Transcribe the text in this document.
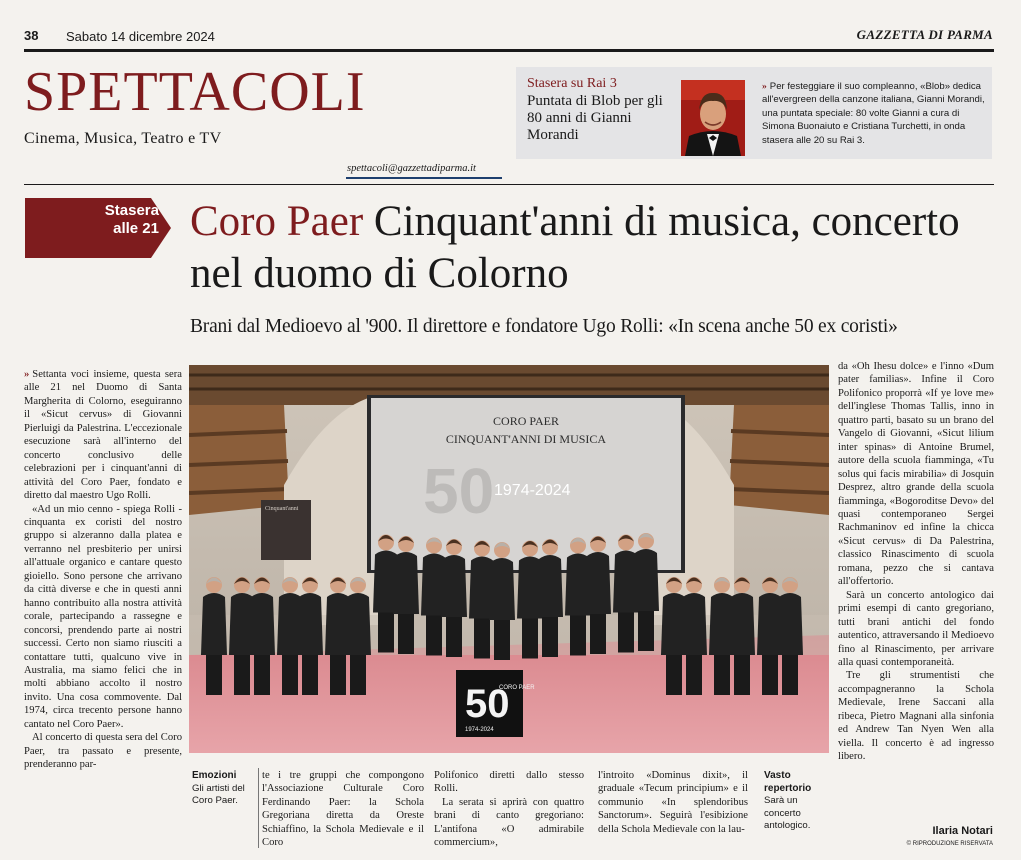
38 Sabato 14 dicembre 2024	GAZZETTA DI PARMA
SPETTACOLI
Cinema, Musica, Teatro e TV
spettacoli@gazzettadiparma.it
Stasera su Rai 3
Puntata di Blob per gli 80 anni di Gianni Morandi
» Per festeggiare il suo compleanno, «Blob» dedica all'evergreen della canzone italiana, Gianni Morandi, una puntata speciale: 80 volte Gianni a cura di Simona Buonaiuto e Cristiana Turchetti, in onda stasera alle 20 su Rai 3.
Stasera
alle 21 Coro Paer Cinquant'anni di musica, concerto nel duomo di Colorno
Brani dal Medioevo al '900. Il direttore e fondatore Ugo Rolli: «In scena anche 50 ex coristi»
CORO PAER
CINQUANT'ANNI DI MUSICA
50 1974-2024
Cinquant'anni
50
CORO PAER
1974-2024

» Settanta voci insieme, questa sera alle 21 nel Duomo di Santa Margherita di Colorno, eseguiranno il «Sicut cervus» di Giovanni Pierluigi da Palestrina. L'eccezionale esecuzione sarà all'interno del concerto conclusivo delle celebrazioni per i cinquant'anni di attività del Coro Paer, fondato e diretto dal maestro Ugo Rolli.

«Ad un mio cenno - spiega Rolli - cinquanta ex coristi del nostro gruppo si alzeranno dalla platea e verranno nel presbiterio per unirsi all'attuale organico e cantare questo gioiello. Sono persone che arrivano da città diverse e che in questi anni hanno contribuito alla nostra attività corale, partecipando a rassegne e concorsi, prendendo parte ai nostri successi. Certo non siamo riusciti a contattare tutti, qualcuno vive in Australia, ma siamo felici che in molti abbiano accolto il nostro invito. Una cosa commovente. Dal 1974, circa trecento persone hanno cantato nel Coro Paer».

Al concerto di questa sera del Coro Paer, tra passato e presente, prenderanno par-

Emozioni
Gli artisti del Coro Paer.
te i tre gruppi che compongono l'Associazione Culturale Coro Ferdinando Paer: la Schola Gregoriana diretta da Oreste Schiaffino, la Schola Medievale e il Coro

Polifonico diretti dallo stesso Rolli.

La serata si aprirà con quattro brani di canto gregoriano: L'antifona «O admirabile commercium»,

l'introito «Dominus dixit», il graduale «Tecum principium» e il communio «In splendoribus Sanctorum». Seguirà l'esibizione della Schola Medievale con la lau-
Vasto repertorio
Sarà un concerto antologico.

da «Oh Ihesu dolce» e l'inno «Dum pater familias». Infine il Coro Polifonico proporrà «If ye love me» dell'inglese Thomas Tallis, inno in quattro parti, basato su un brano del Vangelo di Giovanni, «Sicut lilium inter spinas» di Antoine Brumel, autore della scuola fiamminga, «Tu solus qui facis mirabilia» di Josquin Desprez, altro grande della scuola fiamminga, «Bogoroditse Devo» del quasi contemporaneo Sergei Rachmaninov ed infine la chicca «Sicut cervus» di Da Palestrina, classico Rinascimento di scuola romana, pezzo che si cantava all'offertorio.

Sarà un concerto antologico dai primi esempi di canto gregoriano, tutti brani antichi del fondo autentico, attraversando il Medioevo fino al Rinascimento, per arrivare alla quasi contemporaneità.

Tre gli strumentisti che accompagneranno la Schola Medievale, Irene Saccani alla ribeca, Pietro Magnani alla sinfonia ed Andrew Tan Nyen Wen alla viella. Il concerto è ad ingresso libero.

Ilaria Notari
© RIPRODUZIONE RISERVATA
